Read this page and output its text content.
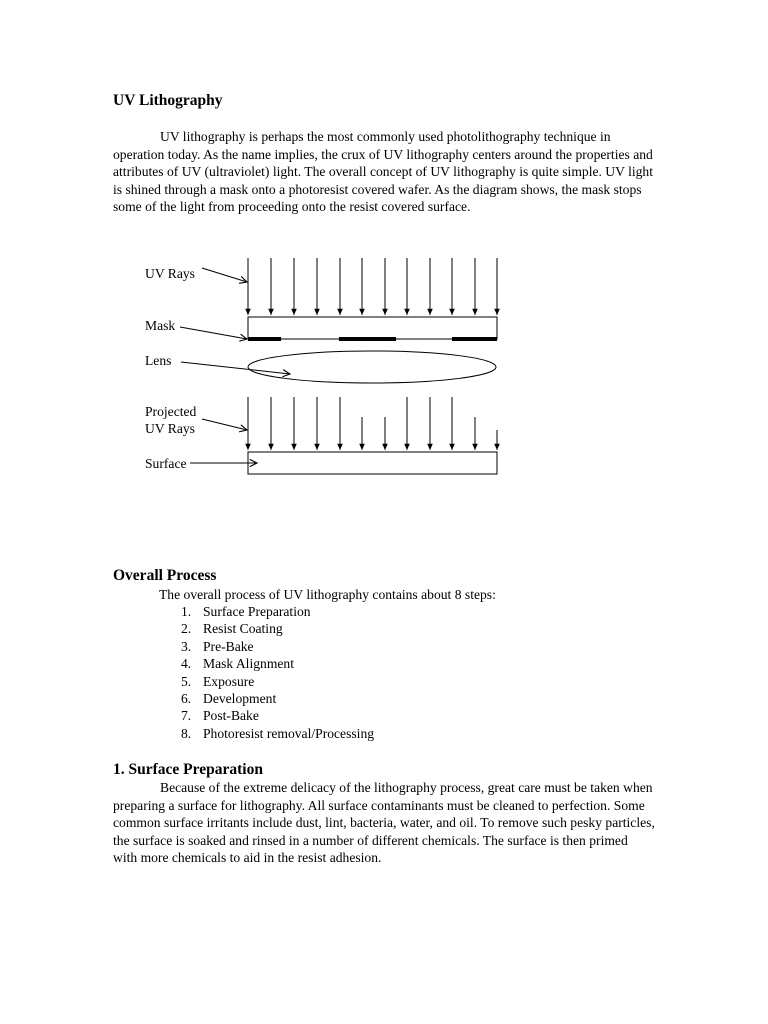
UV Lithography

UV lithography is perhaps the most commonly used photolithography technique in operation today. As the name implies, the crux of UV lithography centers around the properties and attributes of UV (ultraviolet) light. The overall concept of UV lithography is quite simple. UV light is shined through a mask onto a photoresist covered wafer. As the diagram shows, the mask stops some of the light from proceeding onto the resist covered surface.

UV Rays
Mask
Lens
Projected
UV Rays
Surface
Overall Process

The overall process of UV lithography contains about 8 steps:

1. Surface Preparation
2. Resist Coating
3. Pre-Bake
4. Mask Alignment
5. Exposure
6. Development
7. Post-Bake
8. Photoresist removal/Processing
1. Surface Preparation

Because of the extreme delicacy of the lithography process, great care must be taken when preparing a surface for lithography. All surface contaminants must be cleaned to perfection. Some common surface irritants include dust, lint, bacteria, water, and oil. To remove such pesky particles, the surface is soaked and rinsed in a number of different chemicals. The surface is then primed with more chemicals to aid in the resist adhesion.
